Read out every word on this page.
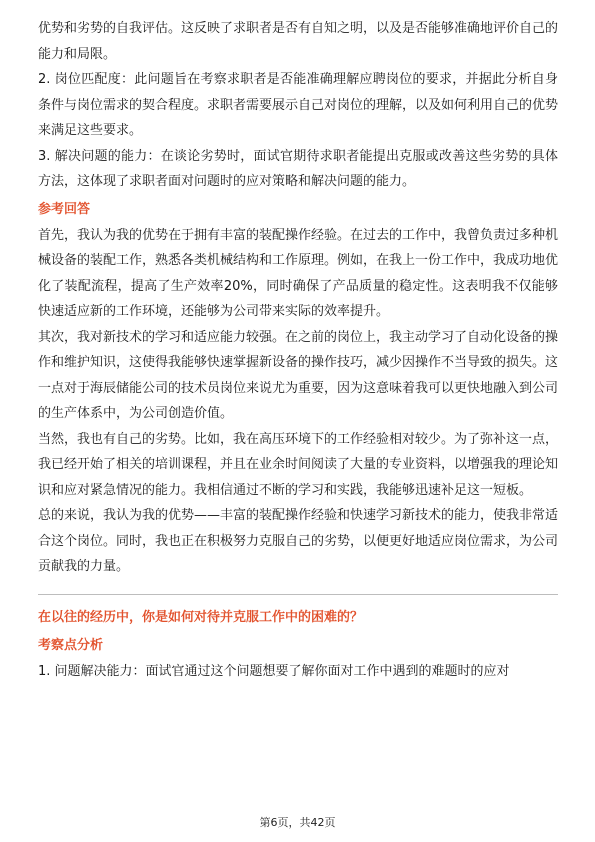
优势和劣势的自我评估。这反映了求职者是否有自知之明，以及是否能够准确地评价自己的能力和局限。

2. 岗位匹配度：此问题旨在考察求职者是否能准确理解应聘岗位的要求，并据此分析自身条件与岗位需求的契合程度。求职者需要展示自己对岗位的理解，以及如何利用自己的优势来满足这些要求。

3. 解决问题的能力：在谈论劣势时，面试官期待求职者能提出克服或改善这些劣势的具体方法，这体现了求职者面对问题时的应对策略和解决问题的能力。

参考回答

首先，我认为我的优势在于拥有丰富的装配操作经验。在过去的工作中，我曾负责过多种机械设备的装配工作，熟悉各类机械结构和工作原理。例如，在我上一份工作中，我成功地优化了装配流程，提高了生产效率20%，同时确保了产品质量的稳定性。这表明我不仅能够快速适应新的工作环境，还能够为公司带来实际的效率提升。

其次，我对新技术的学习和适应能力较强。在之前的岗位上，我主动学习了自动化设备的操作和维护知识，这使得我能够快速掌握新设备的操作技巧，减少因操作不当导致的损失。这一点对于海辰储能公司的技术员岗位来说尤为重要，因为这意味着我可以更快地融入到公司的生产体系中，为公司创造价值。

当然，我也有自己的劣势。比如，我在高压环境下的工作经验相对较少。为了弥补这一点，我已经开始了相关的培训课程，并且在业余时间阅读了大量的专业资料，以增强我的理论知识和应对紧急情况的能力。我相信通过不断的学习和实践，我能够迅速补足这一短板。

总的来说，我认为我的优势——丰富的装配操作经验和快速学习新技术的能力，使我非常适合这个岗位。同时，我也正在积极努力克服自己的劣势，以便更好地适应岗位需求，为公司贡献我的力量。

在以往的经历中，你是如何对待并克服工作中的困难的？
考察点分析

1. 问题解决能力：面试官通过这个问题想要了解你面对工作中遇到的难题时的应对

第6页，共42页
